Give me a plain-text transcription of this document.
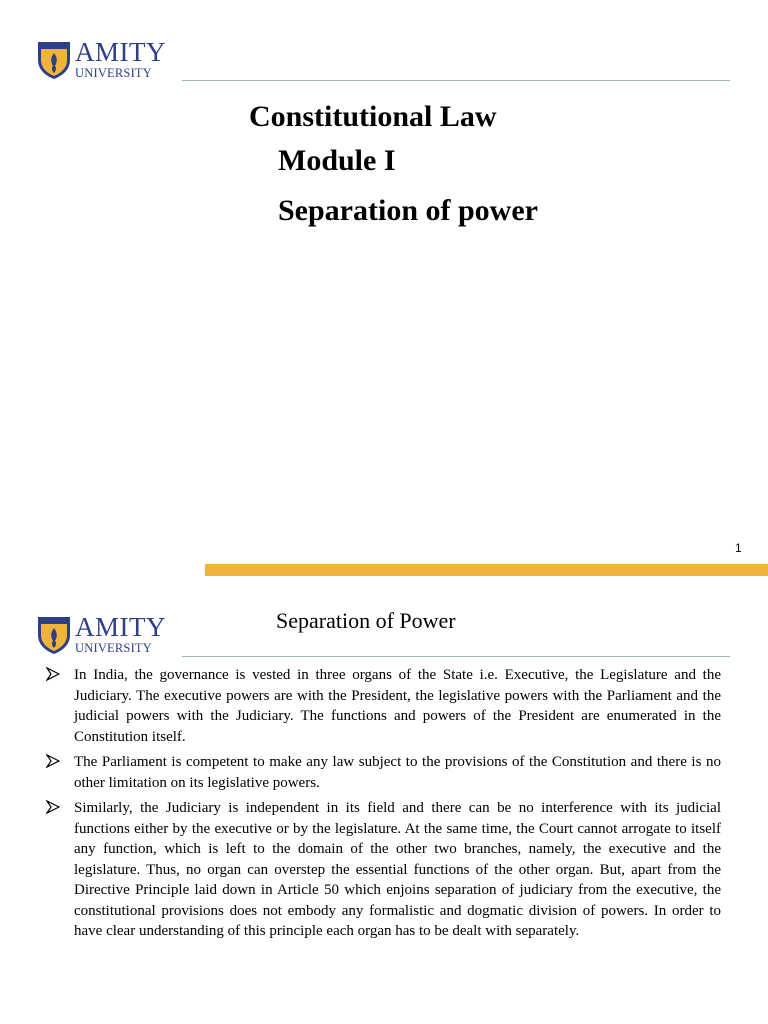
AMITY
UNIVERSITY
Constitutional Law
Module I
Separation of power
1
AMITY
UNIVERSITY
Separation of Power
In India, the governance is vested in three organs of the State i.e. Executive, the Legislature and the Judiciary. The executive powers are with the President, the legislative powers with the Parliament and the judicial powers with the Judiciary. The functions and powers of the President are enumerated in the Constitution itself.
The Parliament is competent to make any law subject to the provisions of the Constitution and there is no other limitation on its legislative powers.
Similarly, the Judiciary is independent in its field and there can be no interference with its judicial functions either by the executive or by the legislature. At the same time, the Court cannot arrogate to itself any function, which is left to the domain of the other two branches, namely, the executive and the legislature. Thus, no organ can overstep the essential functions of the other organ. But, apart from the Directive Principle laid down in Article 50 which enjoins separation of judiciary from the executive, the constitutional provisions does not embody any formalistic and dogmatic division of powers. In order to have clear understanding of this principle each organ has to be dealt with separately.
